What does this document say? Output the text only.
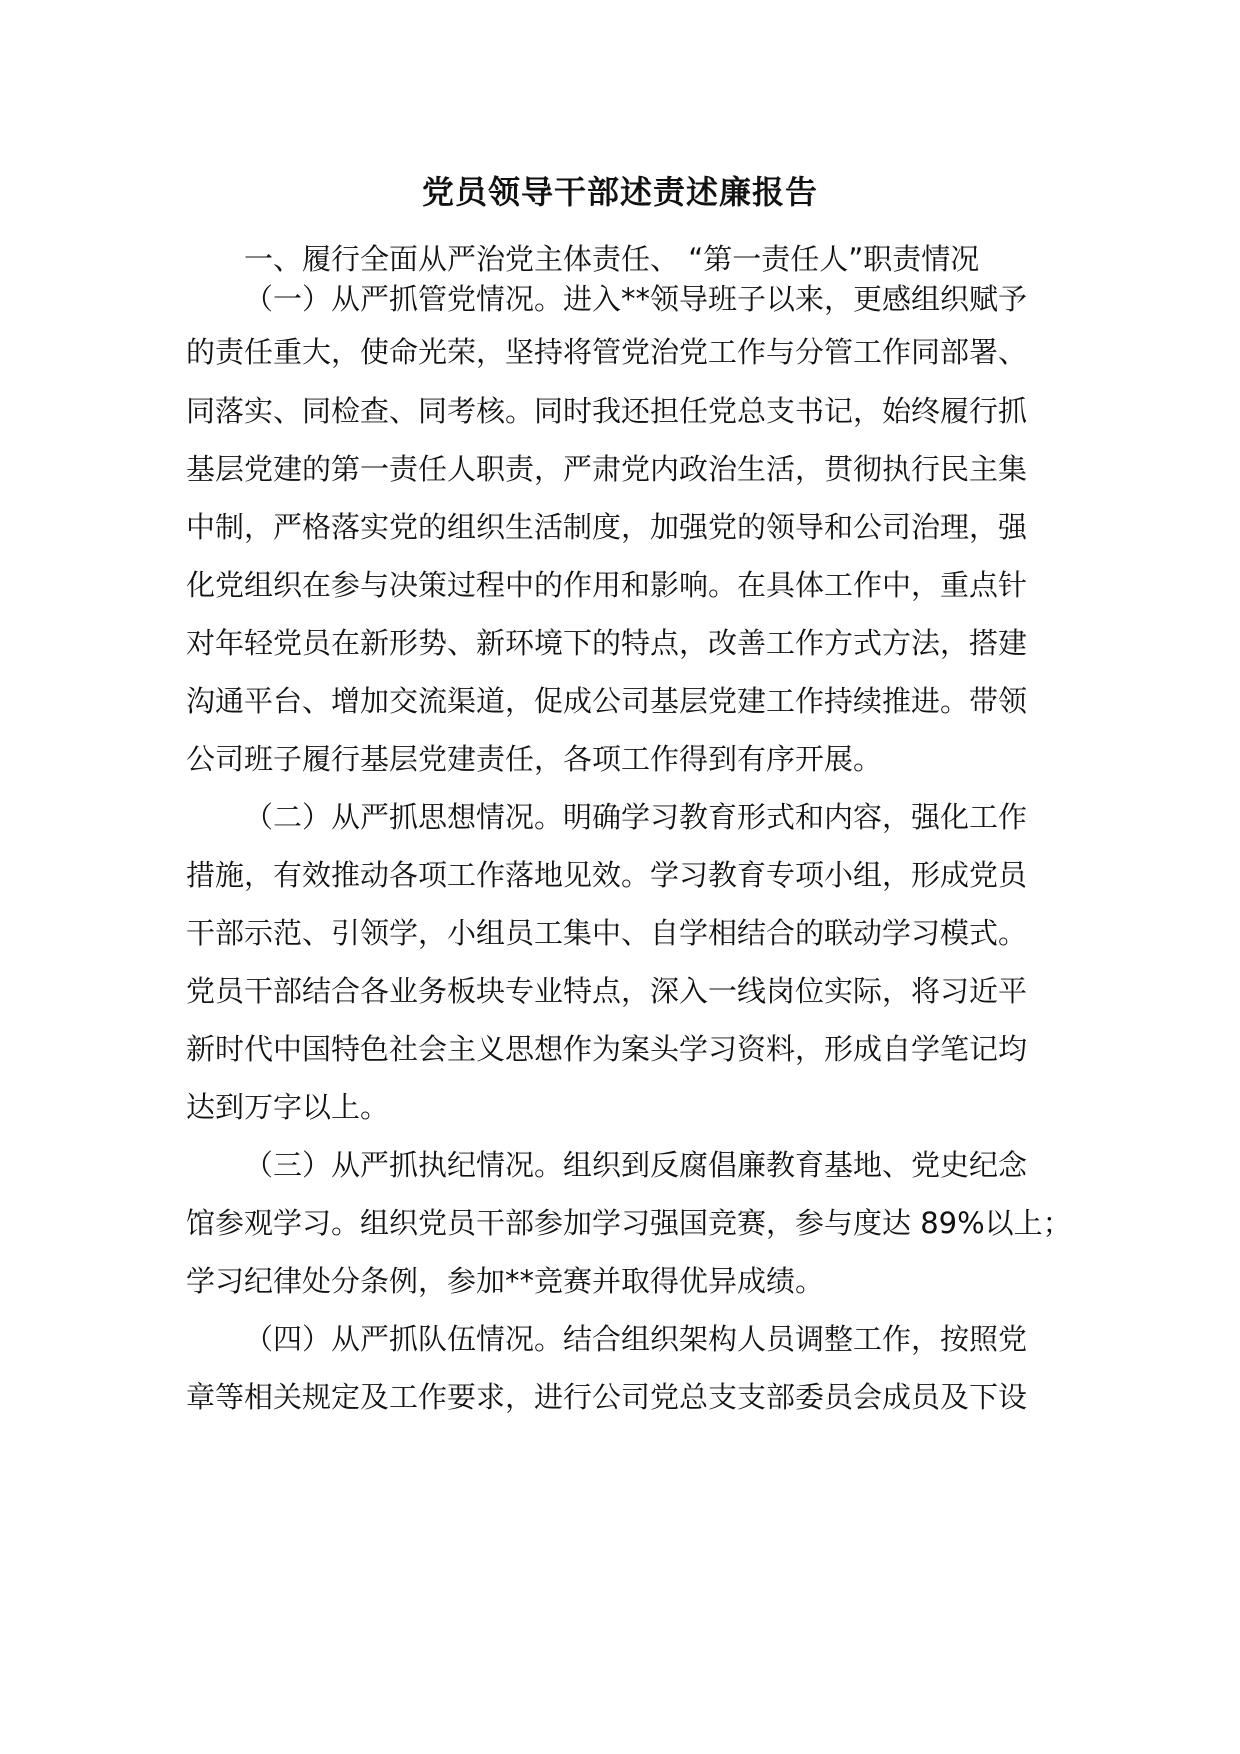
党员领导干部述责述廉报告

一、履行全面从严治党主体责任、 “第一责任人”职责情况

（一）从严抓管党情况。进入**领导班子以来，更感组织赋予

的责任重大，使命光荣，坚持将管党治党工作与分管工作同部署、

同落实、同检查、同考核。同时我还担任党总支书记，始终履行抓

基层党建的第一责任人职责，严肃党内政治生活，贯彻执行民主集

中制，严格落实党的组织生活制度，加强党的领导和公司治理，强

化党组织在参与决策过程中的作用和影响。在具体工作中，重点针

对年轻党员在新形势、新环境下的特点，改善工作方式方法，搭建

沟通平台、增加交流渠道，促成公司基层党建工作持续推进。带领

公司班子履行基层党建责任，各项工作得到有序开展。

（二）从严抓思想情况。明确学习教育形式和内容，强化工作

措施，有效推动各项工作落地见效。学习教育专项小组，形成党员

干部示范、引领学，小组员工集中、自学相结合的联动学习模式。

党员干部结合各业务板块专业特点，深入一线岗位实际，将习近平

新时代中国特色社会主义思想作为案头学习资料，形成自学笔记均

达到万字以上。

（三）从严抓执纪情况。组织到反腐倡廉教育基地、党史纪念

馆参观学习。组织党员干部参加学习强国竞赛，参与度达 89%以上；

学习纪律处分条例，参加**竞赛并取得优异成绩。

（四）从严抓队伍情况。结合组织架构人员调整工作，按照党

章等相关规定及工作要求，进行公司党总支支部委员会成员及下设
